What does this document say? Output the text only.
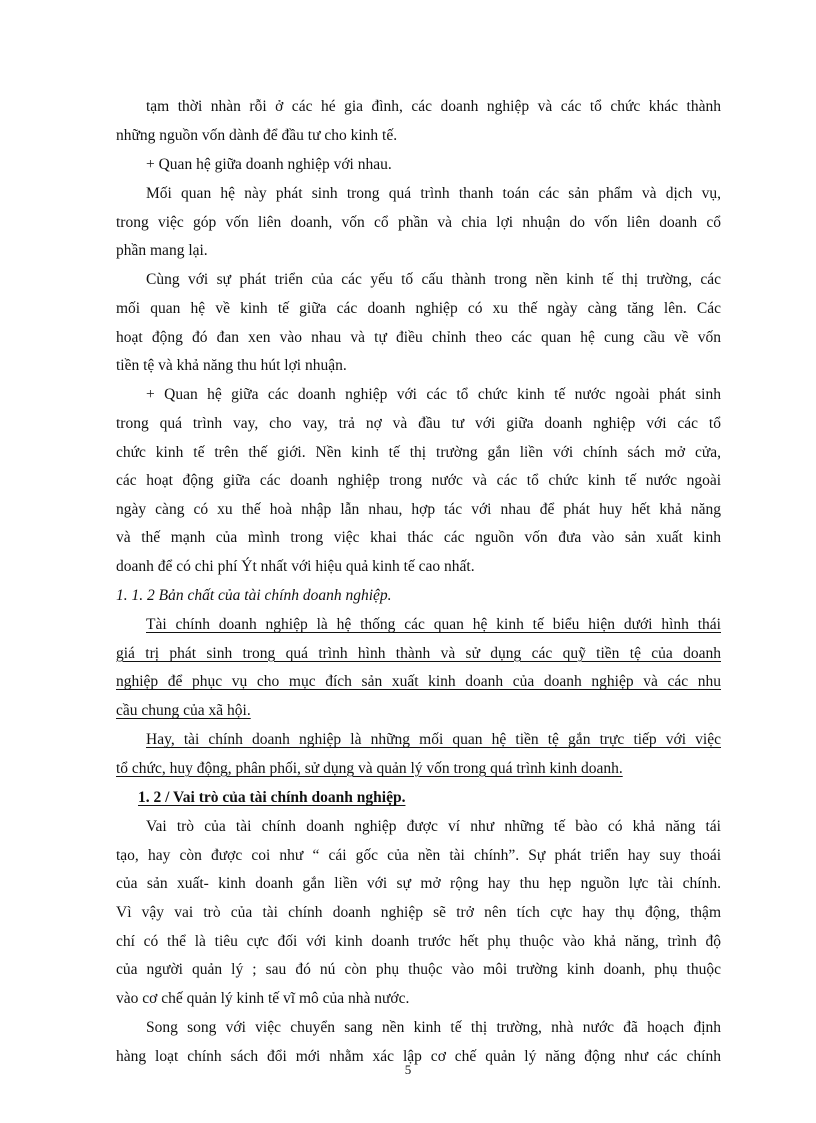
tạm thời nhàn rỗi ở các hé gia đình, các doanh nghiệp và các tổ chức khác thành
những nguồn vốn dành để đầu tư cho kinh tế.
+ Quan hệ giữa doanh nghiệp với nhau.
Mối quan hệ này phát sinh trong quá trình thanh toán các sản phẩm và dịch vụ,
trong việc góp vốn liên doanh, vốn cổ phần và chia lợi nhuận do vốn liên doanh cổ
phần mang lại.
Cùng với sự phát triển của các yếu tố cấu thành trong nền kinh tế thị trường, các
mối quan hệ về kinh tế giữa các doanh nghiệp có xu thế ngày càng tăng lên. Các
hoạt động đó đan xen vào nhau và tự điều chỉnh theo các quan hệ cung cầu về vốn
tiền tệ và khả năng thu hút lợi nhuận.
+ Quan hệ giữa các doanh nghiệp với các tổ chức kinh tế nước ngoài phát sinh
trong quá trình vay, cho vay, trả nợ và đầu tư với giữa doanh nghiệp với các tổ
chức kinh tế trên thế giới. Nền kinh tế thị trường gắn liền với chính sách mở cửa,
các hoạt động giữa các doanh nghiệp trong nước và các tổ chức kinh tế nước ngoài
ngày càng có xu thế hoà nhập lẫn nhau, hợp tác với nhau để phát huy hết khả năng
và thế mạnh của mình trong việc khai thác các nguồn vốn đưa vào sản xuất kinh
doanh để có chi phí Ýt nhất với hiệu quả kinh tế cao nhất.
1. 1. 2 Bản chất của tài chính doanh nghiệp.
Tài chính doanh nghiệp là hệ thống các quan hệ kinh tế biểu hiện dưới hình thái
giá trị phát sinh trong quá trình hình thành và sử dụng các quỹ tiền tệ của doanh
nghiệp để phục vụ cho mục đích sản xuất kinh doanh của doanh nghiệp và các nhu
cầu chung của xã hội.
Hay, tài chính doanh nghiệp là những mối quan hệ tiền tệ gắn trực tiếp với việc
tổ chức, huy động, phân phối, sử dụng và quản lý vốn trong quá trình kinh doanh.
1. 2 / Vai trò của tài chính doanh nghiệp.
Vai trò của tài chính doanh nghiệp được ví như những tế bào có khả năng tái
tạo, hay còn được coi như “ cái gốc của nền tài chính”. Sự phát triển hay suy thoái
của sản xuất- kinh doanh gắn liền với sự mở rộng hay thu hẹp nguồn lực tài chính.
Vì vậy vai trò của tài chính doanh nghiệp sẽ trở nên tích cực hay thụ động, thậm
chí có thể là tiêu cực đối với kinh doanh trước hết phụ thuộc vào khả năng, trình độ
của người quản lý ; sau đó nú còn phụ thuộc vào môi trường kinh doanh, phụ thuộc
vào cơ chế quản lý kinh tế vĩ mô của nhà nước.
Song song với việc chuyển sang nền kinh tế thị trường, nhà nước đã hoạch định
hàng loạt chính sách đổi mới nhằm xác lập cơ chế quản lý năng động như các chính
5
